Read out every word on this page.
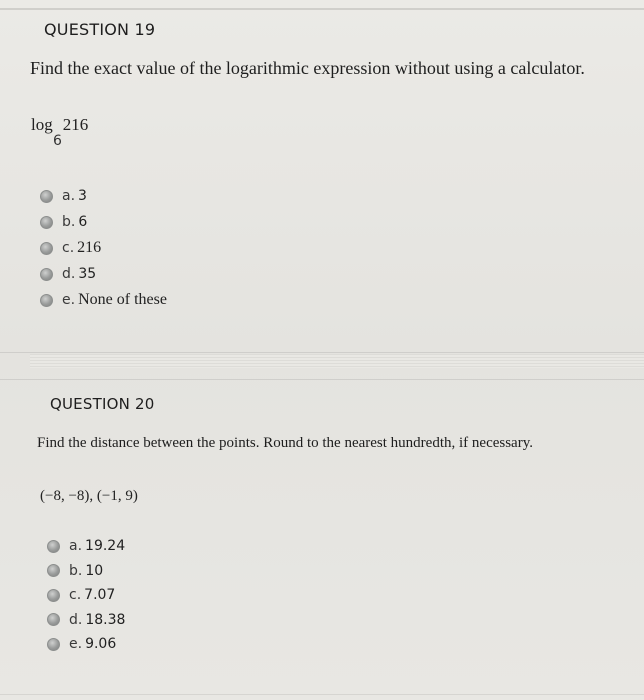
QUESTION 19
Find the exact value of the logarithmic expression without using a calculator.
log 216
6
a. 3
b. 6
c. 216
d. 35
e. None of these
QUESTION 20
Find the distance between the points. Round to the nearest hundredth, if necessary.
(−8, −8), (−1, 9)
a. 19.24
b. 10
c. 7.07
d. 18.38
e. 9.06
